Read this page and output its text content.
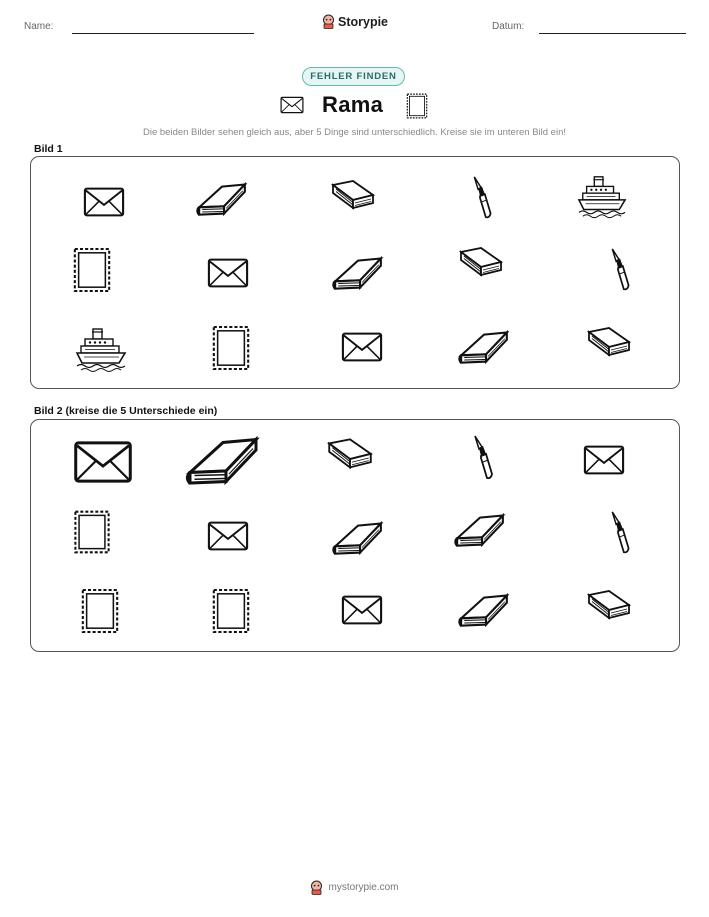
Name:	Storypie	Datum:
FEHLER FINDEN
Rama
Die beiden Bilder sehen gleich aus, aber 5 Dinge sind unterschiedlich. Kreise sie im unteren Bild ein!
Bild 1
Bild 2 (kreise die 5 Unterschiede ein)
mystorypie.com
